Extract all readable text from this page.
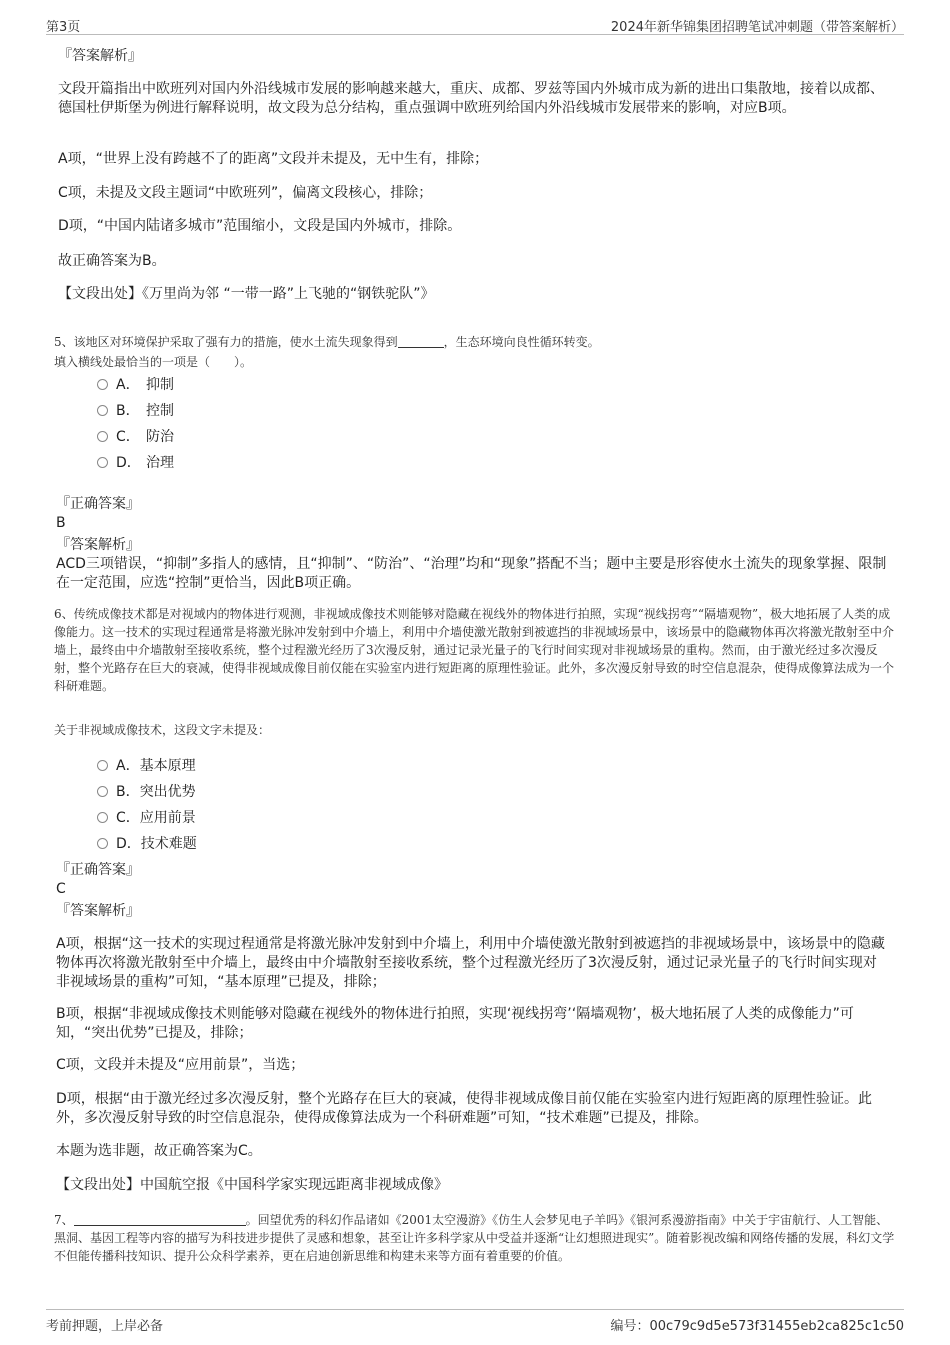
第3页	2024年新华锦集团招聘笔试冲刺题（带答案解析）
『答案解析』
文段开篇指出中欧班列对国内外沿线城市发展的影响越来越大，重庆、成都、罗兹等国内外城市成为新的进出口集散地，接着以成都、德国杜伊斯堡为例进行解释说明，故文段为总分结构，重点强调中欧班列给国内外沿线城市发展带来的影响，对应B项。
A项，“世界上没有跨越不了的距离”文段并未提及，无中生有，排除；
C项，未提及文段主题词“中欧班列”，偏离文段核心，排除；
D项，“中国内陆诸多城市”范围缩小，文段是国内外城市，排除。
故正确答案为B。
【文段出处】《万里尚为邻 “一带一路”上飞驰的“钢铁驼队”》
5、该地区对环境保护采取了强有力的措施，使水土流失现象得到	，生态环境向良性循环转变。
填入横线处最恰当的一项是（　　）。
A． 抑制
B． 控制
C． 防治
D． 治理
『正确答案』
B
『答案解析』
ACD三项错误，“抑制”多指人的感情，且“抑制”、“防治”、“治理”均和“现象”搭配不当；题中主要是形容使水土流失的现象掌握、限制在一定范围，应选“控制”更恰当，因此B项正确。
6、传统成像技术都是对视域内的物体进行观测，非视域成像技术则能够对隐藏在视线外的物体进行拍照，实现“视线拐弯”“隔墙观物”，极大地拓展了人类的成像能力。这一技术的实现过程通常是将激光脉冲发射到中介墙上，利用中介墙使激光散射到被遮挡的非视域场景中，该场景中的隐藏物体再次将激光散射至中介墙上，最终由中介墙散射至接收系统，整个过程激光经历了3次漫反射，通过记录光量子的飞行时间实现对非视域场景的重构。然而，由于激光经过多次漫反射，整个光路存在巨大的衰减，使得非视域成像目前仅能在实验室内进行短距离的原理性验证。此外，多次漫反射导致的时空信息混杂，使得成像算法成为一个科研难题。
关于非视域成像技术，这段文字未提及：
A．基本原理
B．突出优势
C．应用前景
D．技术难题
『正确答案』
C
『答案解析』
A项，根据“这一技术的实现过程通常是将激光脉冲发射到中介墙上，利用中介墙使激光散射到被遮挡的非视域场景中，该场景中的隐藏物体再次将激光散射至中介墙上，最终由中介墙散射至接收系统，整个过程激光经历了3次漫反射，通过记录光量子的飞行时间实现对非视域场景的重构”可知，“基本原理”已提及，排除；
B项，根据“非视域成像技术则能够对隐藏在视线外的物体进行拍照，实现‘视线拐弯’‘隔墙观物’，极大地拓展了人类的成像能力”可知，“突出优势”已提及，排除；
C项，文段并未提及“应用前景”，当选；
D项，根据“由于激光经过多次漫反射，整个光路存在巨大的衰减，使得非视域成像目前仅能在实验室内进行短距离的原理性验证。此外，多次漫反射导致的时空信息混杂，使得成像算法成为一个科研难题”可知，“技术难题”已提及，排除。
本题为选非题，故正确答案为C。
【文段出处】中国航空报《中国科学家实现远距离非视域成像》
7、	。回望优秀的科幻作品诸如《2001太空漫游》《仿生人会梦见电子羊吗》《银河系漫游指南》中关于宇宙航行、人工智能、黑洞、基因工程等内容的描写为科技进步提供了灵感和想象，甚至让许多科学家从中受益并逐渐“让幻想照进现实”。随着影视改编和网络传播的发展，科幻文学不但能传播科技知识、提升公众科学素养，更在启迪创新思维和构建未来等方面有着重要的价值。
考前押题，上岸必备	编号：00c79c9d5e573f31455eb2ca825c1c50
